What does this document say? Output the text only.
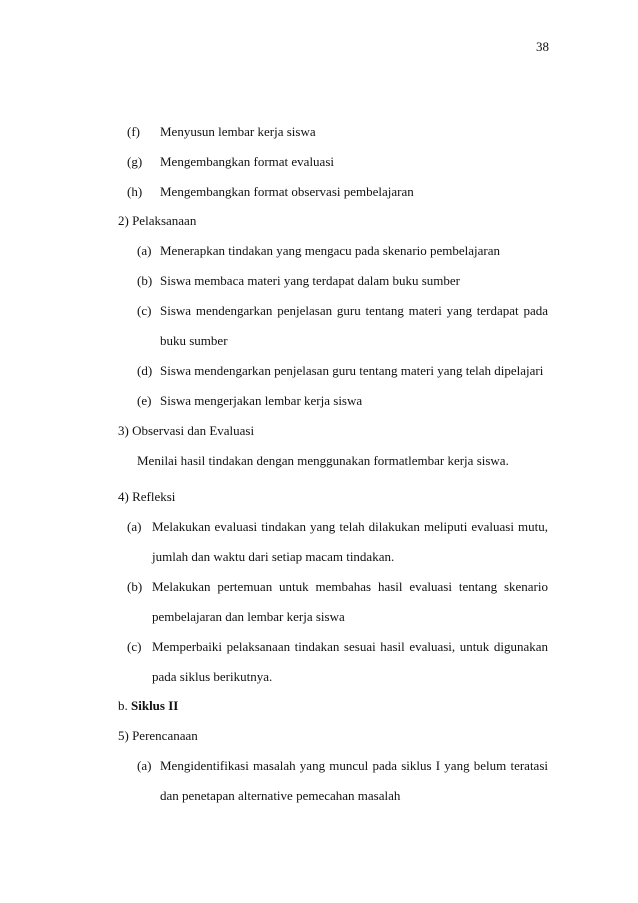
38
(f) Menyusun lembar kerja siswa
(g) Mengembangkan format evaluasi
(h) Mengembangkan format observasi pembelajaran
2) Pelaksanaan
(a) Menerapkan tindakan yang mengacu pada skenario pembelajaran
(b) Siswa membaca materi yang terdapat dalam buku sumber
(c) Siswa mendengarkan penjelasan guru tentang materi yang terdapat pada
buku sumber
(d) Siswa mendengarkan penjelasan guru tentang materi yang telah dipelajari
(e) Siswa mengerjakan lembar kerja siswa
3) Observasi dan Evaluasi
Menilai hasil tindakan dengan menggunakan formatlembar kerja siswa.
4) Refleksi
(a) Melakukan evaluasi tindakan yang telah dilakukan meliputi evaluasi mutu,
jumlah dan waktu dari setiap macam tindakan.
(b) Melakukan pertemuan untuk membahas hasil evaluasi tentang skenario
pembelajaran dan lembar kerja siswa
(c) Memperbaiki pelaksanaan tindakan sesuai hasil evaluasi, untuk digunakan
pada siklus berikutnya.
b. Siklus II
5) Perencanaan
(a) Mengidentifikasi masalah yang muncul pada siklus I yang belum teratasi
dan penetapan alternative pemecahan masalah
